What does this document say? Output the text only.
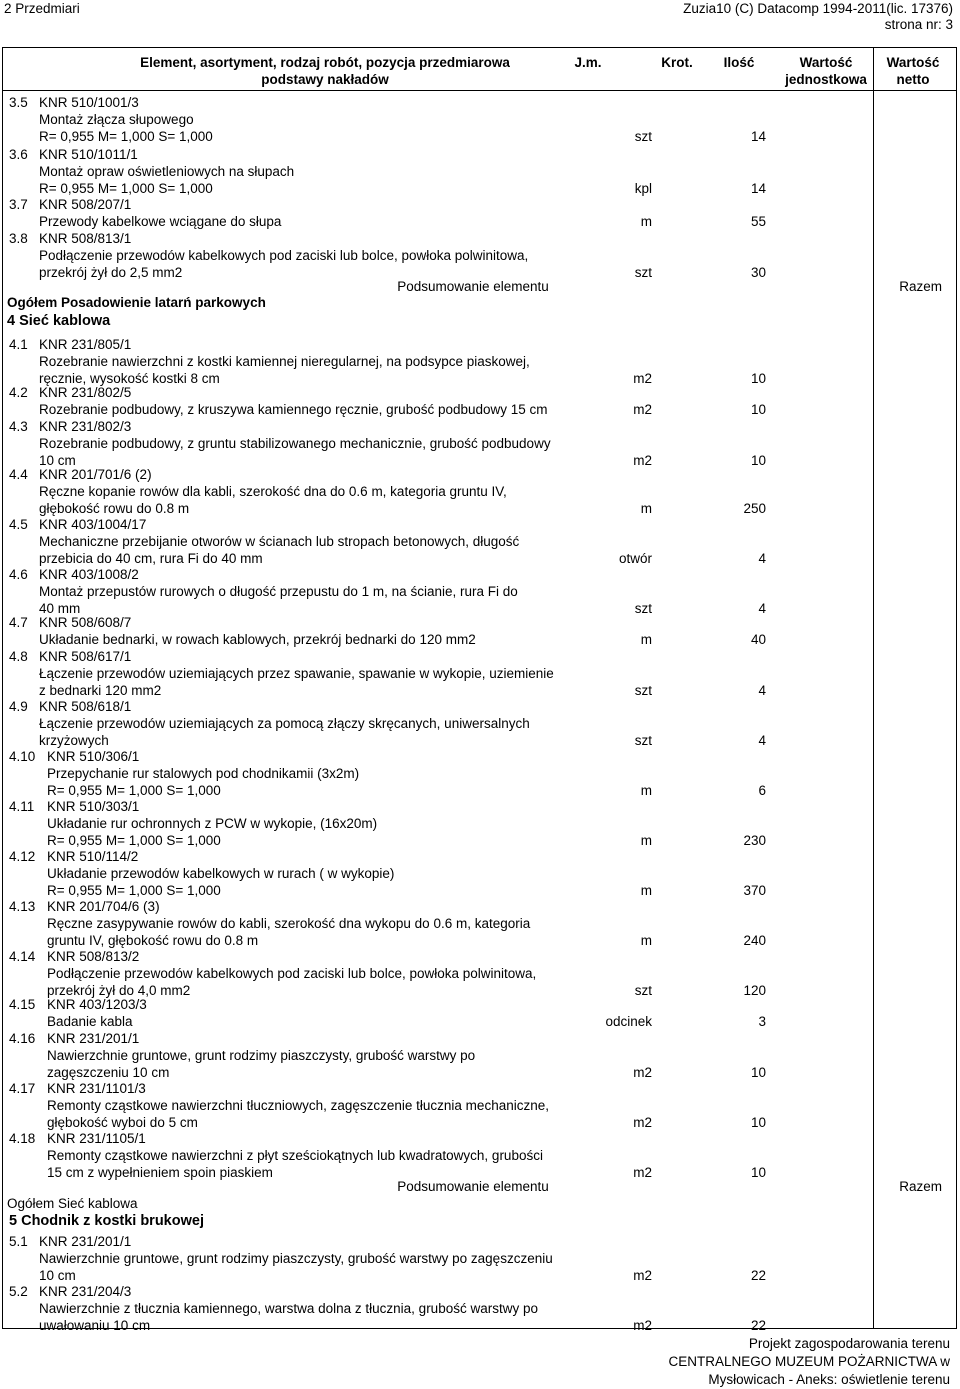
2 Przedmiari	Zuzia10 (C) Datacomp 1994-2011(lic. 17376)
strona nr: 3
Element, asortyment, rodzaj robót, pozycja przedmiarowa
podstawy nakładów
J.m.	Krot.	Ilość	Wartość
jednostkowa
Wartość
netto
3.5 KNR 510/1001/3
Montaż złącza słupowego
R= 0,955 M= 1,000 S= 1,000	szt	14
3.6 KNR 510/1011/1
Montaż opraw oświetleniowych na słupach
R= 0,955 M= 1,000 S= 1,000	kpl	14
3.7 KNR 508/207/1
Przewody kabelkowe wciągane do słupa	m	55
3.8 KNR 508/813/1
Podłączenie przewodów kabelkowych pod zaciski lub bolce, powłoka polwinitowa,
przekrój żył do 2,5 mm2	szt	30
Podsumowanie elementu	Razem
Ogółem Posadowienie latarń parkowych
4 Sieć kablowa
4.1 KNR 231/805/1
Rozebranie nawierzchni z kostki kamiennej nieregularnej, na podsypce piaskowej,
ręcznie, wysokość kostki 8 cm	m2	10
4.2 KNR 231/802/5
Rozebranie podbudowy, z kruszywa kamiennego ręcznie, grubość podbudowy 15 cm	m2	10
4.3 KNR 231/802/3
Rozebranie podbudowy, z gruntu stabilizowanego mechanicznie, grubość podbudowy
10 cm	m2	10
4.4 KNR 201/701/6 (2)
Ręczne kopanie rowów dla kabli, szerokość dna do 0.6 m, kategoria gruntu IV,
głębokość rowu do 0.8 m	m	250
4.5 KNR 403/1004/17
Mechaniczne przebijanie otworów w ścianach lub stropach betonowych, długość
przebicia do 40 cm, rura Fi do 40 mm	otwór	4
4.6 KNR 403/1008/2
Montaż przepustów rurowych o długość przepustu do 1 m, na ścianie, rura Fi do
40 mm	szt	4
4.7 KNR 508/608/7
Układanie bednarki, w rowach kablowych, przekrój bednarki do 120 mm2	m	40
4.8 KNR 508/617/1
Łączenie przewodów uziemiających przez spawanie, spawanie w wykopie, uziemienie
z bednarki 120 mm2	szt	4
4.9 KNR 508/618/1
Łączenie przewodów uziemiających za pomocą złączy skręcanych, uniwersalnych
krzyżowych	szt	4
4.10 KNR 510/306/1
Przepychanie rur stalowych pod chodnikamii (3x2m)
R= 0,955 M= 1,000 S= 1,000	m	6
4.11 KNR 510/303/1
Układanie rur ochronnych z PCW w wykopie, (16x20m)
R= 0,955 M= 1,000 S= 1,000	m	230
4.12 KNR 510/114/2
Układanie przewodów kabelkowych w rurach ( w wykopie)
R= 0,955 M= 1,000 S= 1,000	m	370
4.13 KNR 201/704/6 (3)
Ręczne zasypywanie rowów do kabli, szerokość dna wykopu do 0.6 m, kategoria
gruntu IV, głębokość rowu do 0.8 m	m	240
4.14 KNR 508/813/2
Podłączenie przewodów kabelkowych pod zaciski lub bolce, powłoka polwinitowa,
przekrój żył do 4,0 mm2	szt	120
4.15 KNR 403/1203/3
Badanie kabla	odcinek	3
4.16 KNR 231/201/1
Nawierzchnie gruntowe, grunt rodzimy piaszczysty, grubość warstwy po
zagęszczeniu 10 cm	m2	10
4.17 KNR 231/1101/3
Remonty cząstkowe nawierzchni tłuczniowych, zagęszczenie tłucznia mechaniczne,
głębokość wyboi do 5 cm	m2	10
4.18 KNR 231/1105/1
Remonty cząstkowe nawierzchni z płyt sześciokątnych lub kwadratowych, grubości
15 cm z wypełnieniem spoin piaskiem	m2	10
Podsumowanie elementu	Razem
Ogółem Sieć kablowa
5 Chodnik z kostki brukowej
5.1 KNR 231/201/1
Nawierzchnie gruntowe, grunt rodzimy piaszczysty, grubość warstwy po zagęszczeniu
10 cm	m2	22
5.2 KNR 231/204/3
Nawierzchnie z tłucznia kamiennego, warstwa dolna z tłucznia, grubość warstwy po
uwałowaniu 10 cm	m2	22
Projekt zagospodarowania terenu
CENTRALNEGO MUZEUM POŻARNICTWA w
Mysłowicach - Aneks: oświetlenie terenu
